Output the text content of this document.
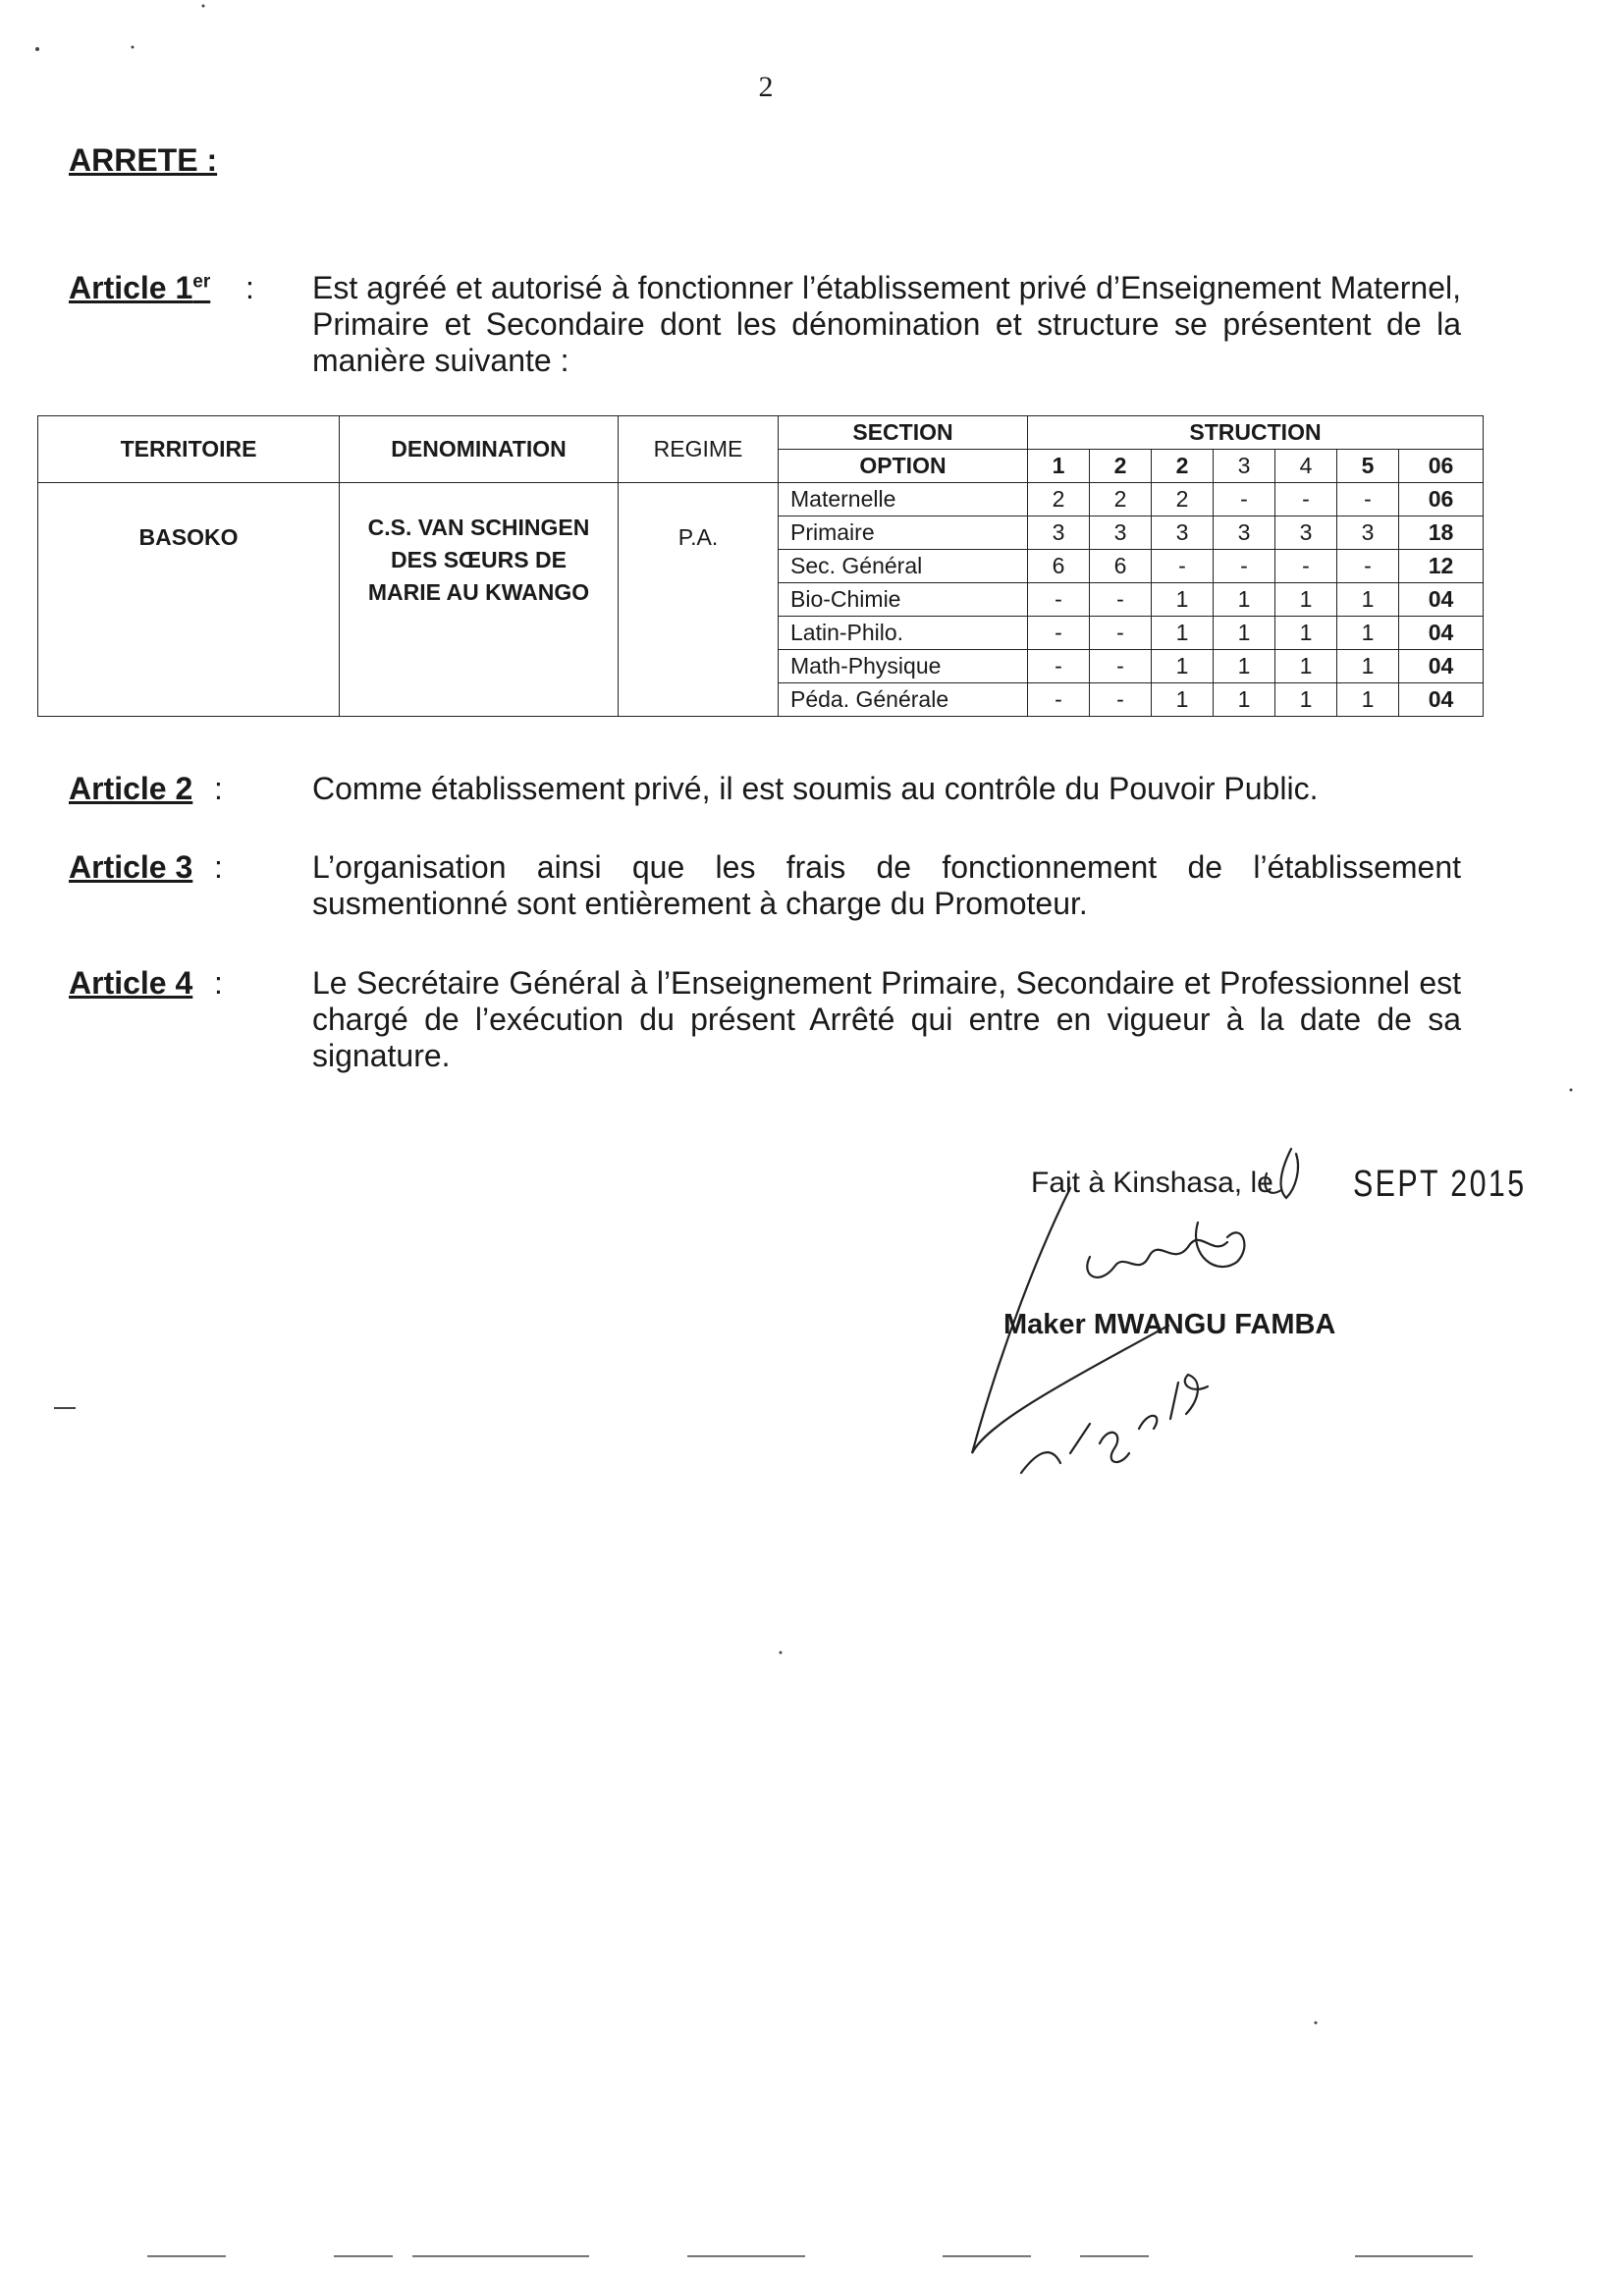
2
ARRETE :
Article 1er : Est agréé et autorisé à fonctionner l’établissement privé d’Enseignement Maternel, Primaire et Secondaire dont les dénomination et structure se présentent de la manière suivante :
TERRITOIRE	DENOMINATION	REGIME	SECTION	STRUCTION						
			OPTION	1	2	2	3	4	5	06

BASOKO	C.S. VAN SCHINGEN
DES SŒURS DE
MARIE AU KWANGO	P.A.	Maternelle	2	2	2	-	-	-	06
			Primaire	3	3	3	3	3	3	18
			Sec. Général	6	6	-	-	-	-	12
			Bio-Chimie	-	-	1	1	1	1	04
			Latin-Philo.	-	-	1	1	1	1	04
			Math-Physique	-	-	1	1	1	1	04
			Péda. Générale	-	-	1	1	1	1	04
Article 2 :	Comme établissement privé, il est soumis au contrôle du Pouvoir Public.
Article 3 :	L’organisation ainsi que les frais de fonctionnement de l’établissement susmentionné sont entièrement à charge du Promoteur.
Article 4 :	Le Secrétaire Général à l’Enseignement Primaire, Secondaire et Professionnel est chargé de l’exécution du présent Arrêté qui entre en vigueur à la date de sa signature.
Fait à Kinshasa, le SEPT 2015
Maker MWANGU FAMBA
